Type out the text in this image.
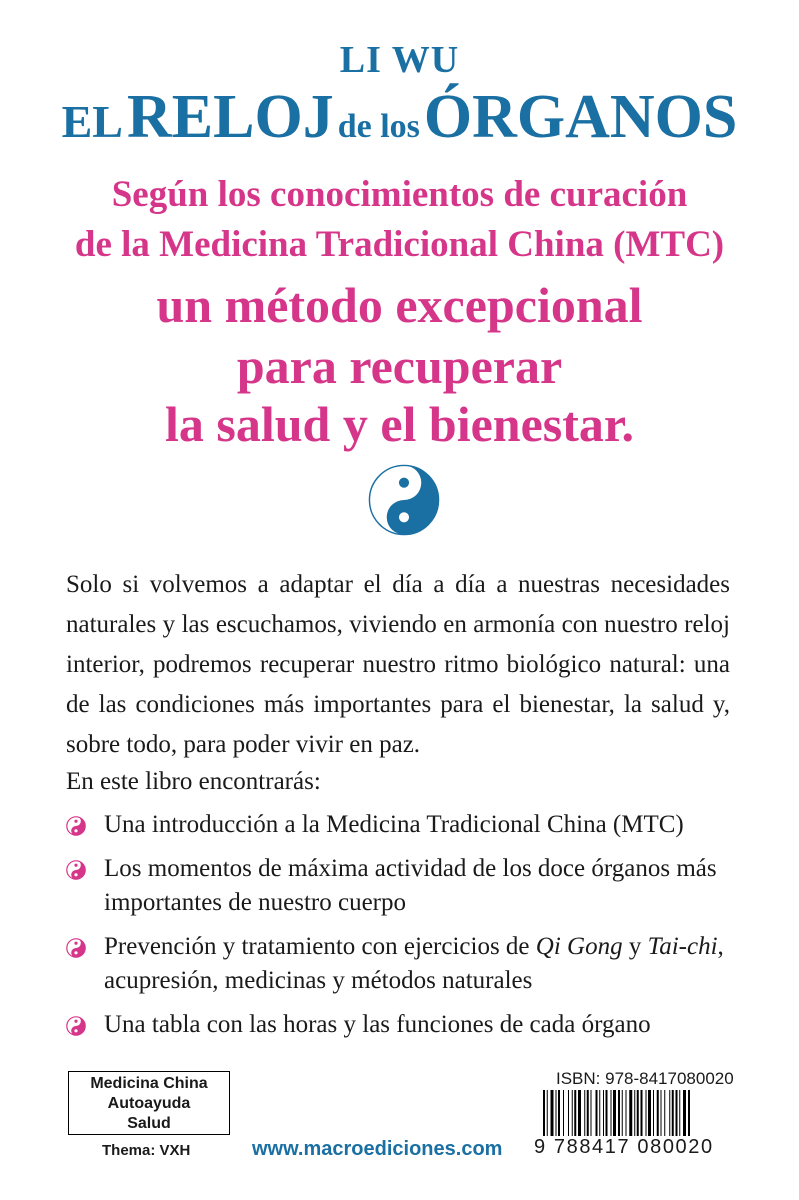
LI WU
EL RELOJ de los ÓRGANOS
Según los conocimientos de curación
de la Medicina Tradicional China (MTC)
un método excepcional
para recuperar
la salud y el bienestar.

Solo si volvemos a adaptar el día a día a nuestras necesidades naturales y las escuchamos, viviendo en armonía con nuestro reloj interior, podremos recuperar nuestro ritmo biológico natural: una de las condiciones más importantes para el bienestar, la salud y, sobre todo, para poder vivir en paz.

En este libro encontrarás:
Una introducción a la Medicina Tradicional China (MTC)
Los momentos de máxima actividad de los doce órganos más importantes de nuestro cuerpo
Prevención y tratamiento con ejercicios de Qi Gong y Tai-chi, acupresión, medicinas y métodos naturales
Una tabla con las horas y las funciones de cada órgano
Medicina China
Autoayuda
Salud
Thema: VXH	www.macroediciones.com
ISBN: 978-8417080020
9 788417 080020
